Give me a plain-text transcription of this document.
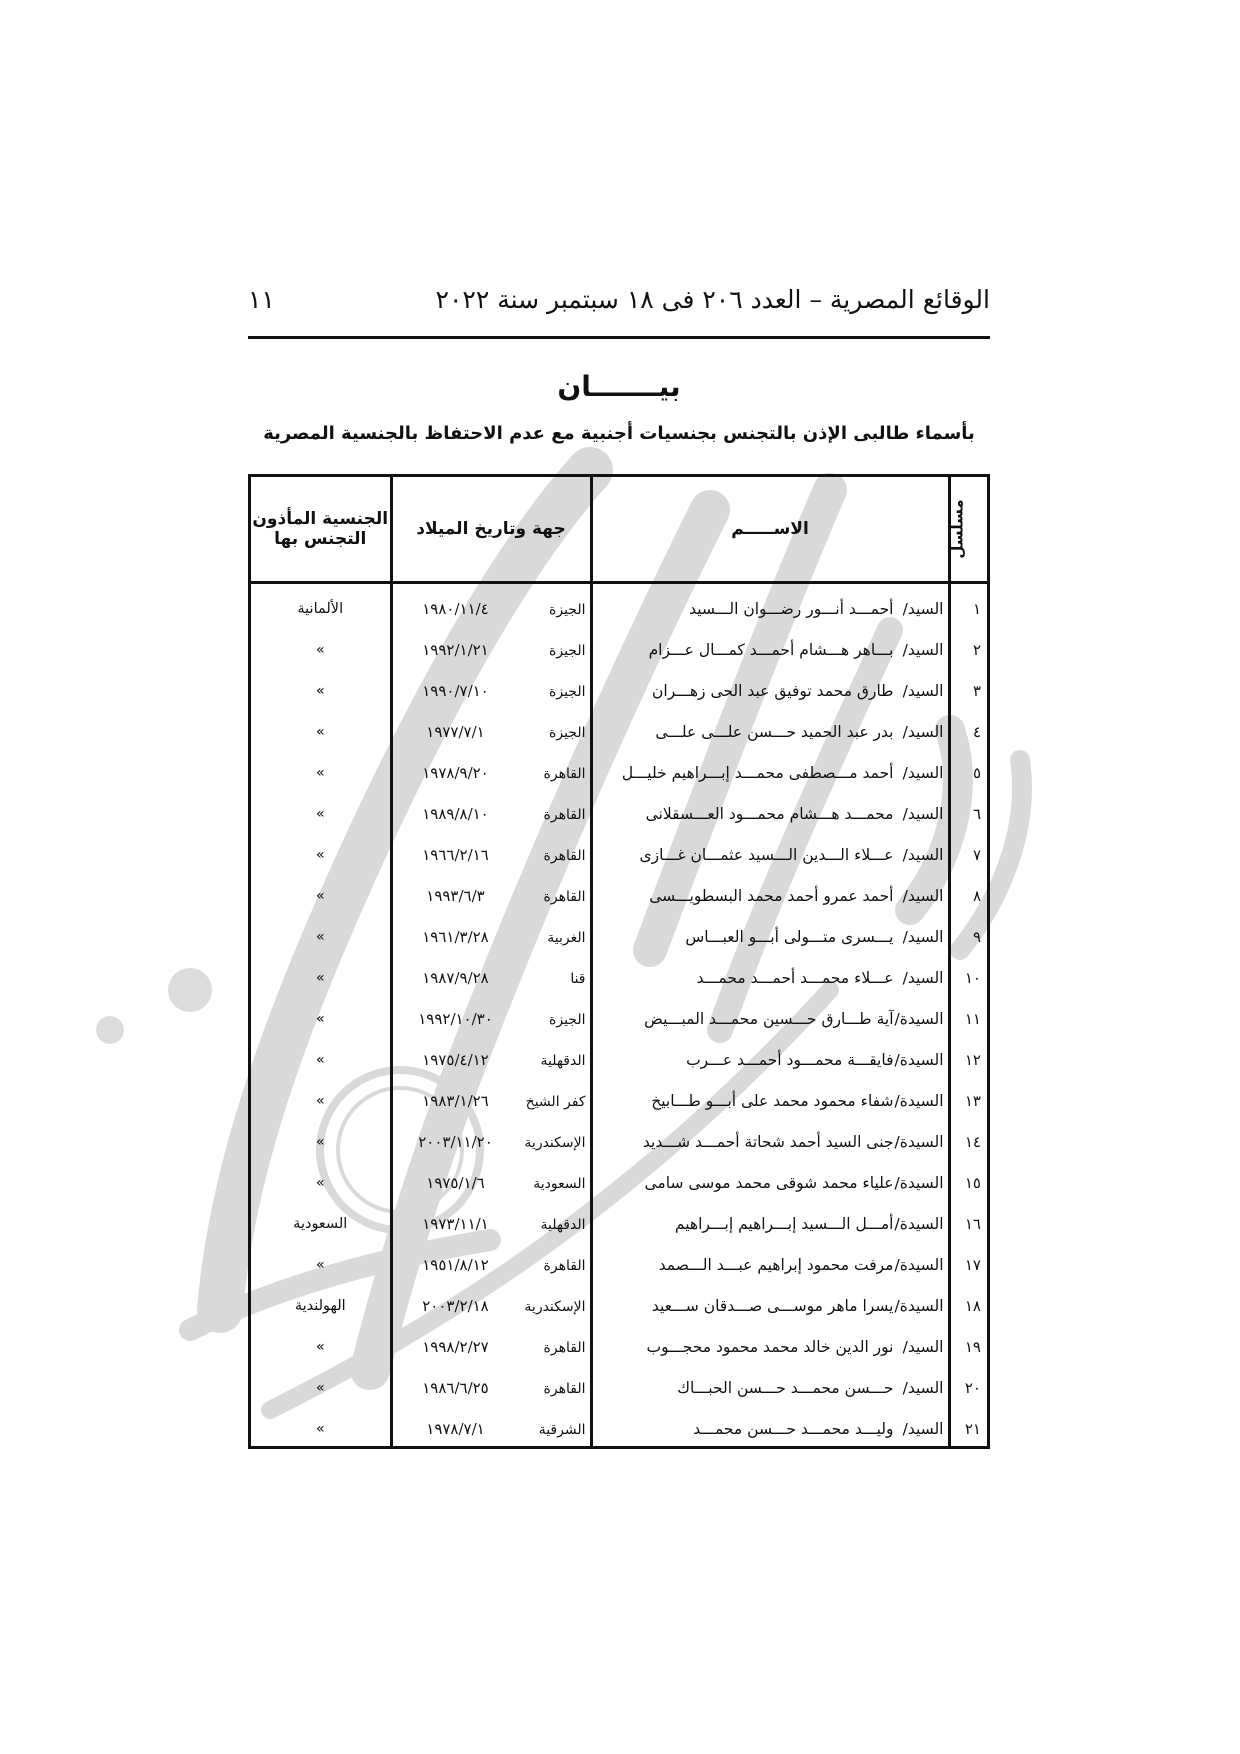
الوقائع المصرية – العدد ٢٠٦ فى ١٨ سبتمبر سنة ٢٠٢٢
١١
بيـــــــان
بأسماء طالبى الإذن بالتجنس بجنسيات أجنبية مع عدم الاحتفاظ بالجنسية المصرية
مسلسل	الاســـــم	جهة وتاريخ الميلاد	الجنسية المأذون التجنس بها
١	السيد/أحمـــد أنـــور رضـــوان الـــسيد	الجيزة١٩٨٠/١١/٤	الألمانية
٢	السيد/بـــاهر هـــشام أحمـــد كمـــال عـــزام	الجيزة١٩٩٢/١/٢١	»
٣	السيد/طارق محمد توفيق عبد الحى زهـــران	الجيزة١٩٩٠/٧/١٠	»
٤	السيد/بدر عبد الحميد حـــسن علـــى علـــى	الجيزة١٩٧٧/٧/١	»
٥	السيد/أحمد مـــصطفى محمـــد إبـــراهيم خليـــل	القاهرة١٩٧٨/٩/٢٠	»
٦	السيد/محمـــد هـــشام محمـــود العـــسقلانى	القاهرة١٩٨٩/٨/١٠	»
٧	السيد/عـــلاء الـــدين الـــسيد عثمـــان غـــازى	القاهرة١٩٦٦/٢/١٦	»
٨	السيد/أحمد عمرو أحمد محمد البسطويـــسى	القاهرة١٩٩٣/٦/٣	»
٩	السيد/يـــسرى متـــولى أبـــو العبـــاس	الغربية١٩٦١/٣/٢٨	»
١٠	السيد/عـــلاء محمـــد أحمـــد محمـــد	قنا١٩٨٧/٩/٢٨	»
١١	السيدة/آية طـــارق حـــسين محمـــد المبـــيض	الجيزة١٩٩٢/١٠/٣٠	»
١٢	السيدة/فايقـــة محمـــود أحمـــد عـــرب	الدقهلية١٩٧٥/٤/١٢	»
١٣	السيدة/شفاء محمود محمد على أبـــو طـــابيخ	كفر الشيخ١٩٨٣/١/٢٦	»
١٤	السيدة/جنى السيد أحمد شحاتة أحمـــد شـــديد	الإسكندرية٢٠٠٣/١١/٢٠	»
١٥	السيدة/علياء محمد شوقى محمد موسى سامى	السعودية١٩٧٥/١/٦	»
١٦	السيدة/أمـــل الـــسيد إبـــراهيم إبـــراهيم	الدقهلية١٩٧٣/١١/١	السعودية
١٧	السيدة/مرفت محمود إبراهيم عبـــد الـــصمد	القاهرة١٩٥١/٨/١٢	»
١٨	السيدة/يسرا ماهر موســـى صـــدقان ســـعيد	الإسكندرية٢٠٠٣/٢/١٨	الهولندية
١٩	السيد/نور الدين خالد محمد محمود محجـــوب	القاهرة١٩٩٨/٢/٢٧	»
٢٠	السيد/حـــسن محمـــد حـــسن الحبـــاك	القاهرة١٩٨٦/٦/٢٥	»
٢١	السيد/وليـــد محمـــد حـــسن محمـــد	الشرقية١٩٧٨/٧/١	»
